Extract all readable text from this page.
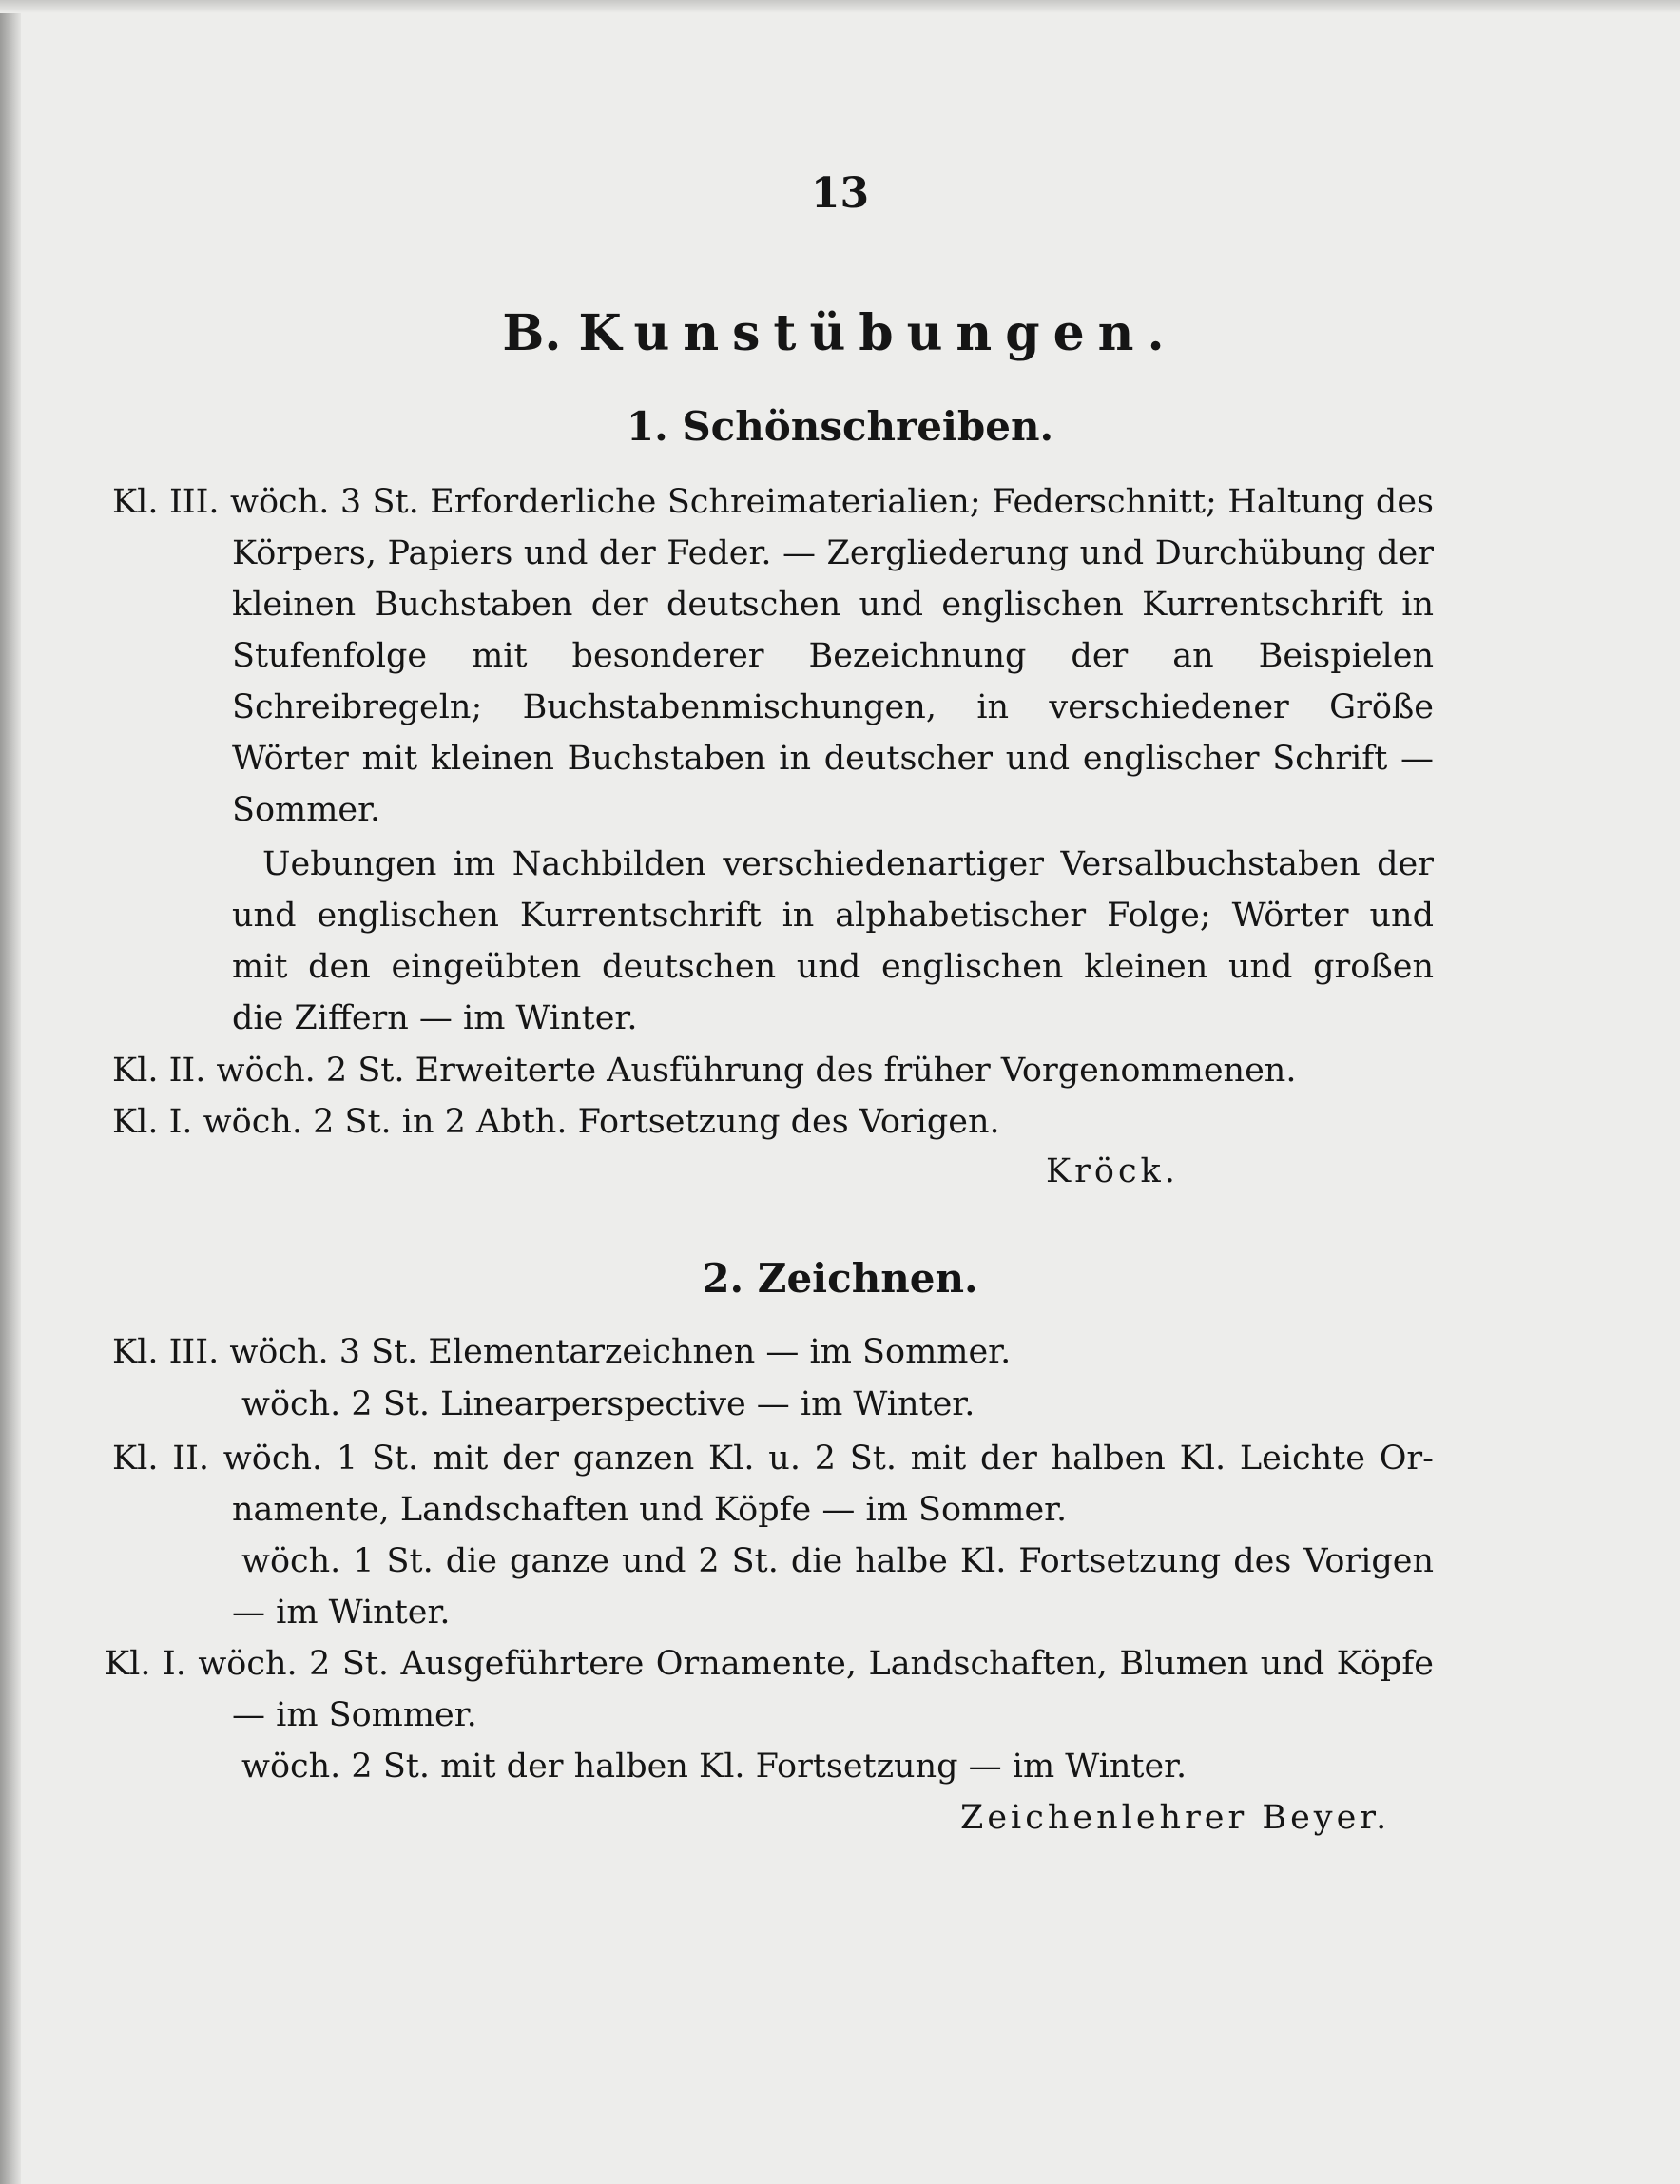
13
B. Kunstübungen.
1. Schönschreiben.
Kl. III. wöch. 3 St. Erforderliche Schreimaterialien; Federschnitt; Haltung des
Körpers, Papiers und der Feder. — Zergliederung und Durchübung der
kleinen Buchstaben der deutschen und englischen Kurrentschrift in
Stufenfolge mit besonderer Bezeichnung der an Beispielen
Schreibregeln; Buchstabenmischungen, in verschiedener Größe
Wörter mit kleinen Buchstaben in deutscher und englischer Schrift —
Sommer.
Uebungen im Nachbilden verschiedenartiger Versalbuchstaben der
und englischen Kurrentschrift in alphabetischer Folge; Wörter und
mit den eingeübten deutschen und englischen kleinen und großen
die Ziffern — im Winter.
Kl. II. wöch. 2 St. Erweiterte Ausführung des früher Vorgenommenen.
Kl. I. wöch. 2 St. in 2 Abth. Fortsetzung des Vorigen.
Kröck.
2. Zeichnen.
Kl. III. wöch. 3 St. Elementarzeichnen — im Sommer.
wöch. 2 St. Linearperspective — im Winter.
Kl. II. wöch. 1 St. mit der ganzen Kl. u. 2 St. mit der halben Kl. Leichte Or-
namente, Landschaften und Köpfe — im Sommer.
wöch. 1 St. die ganze und 2 St. die halbe Kl. Fortsetzung des Vorigen
— im Winter.
Kl. I. wöch. 2 St. Ausgeführtere Ornamente, Landschaften, Blumen und Köpfe
— im Sommer.
wöch. 2 St. mit der halben Kl. Fortsetzung — im Winter.
Zeichenlehrer Beyer.
